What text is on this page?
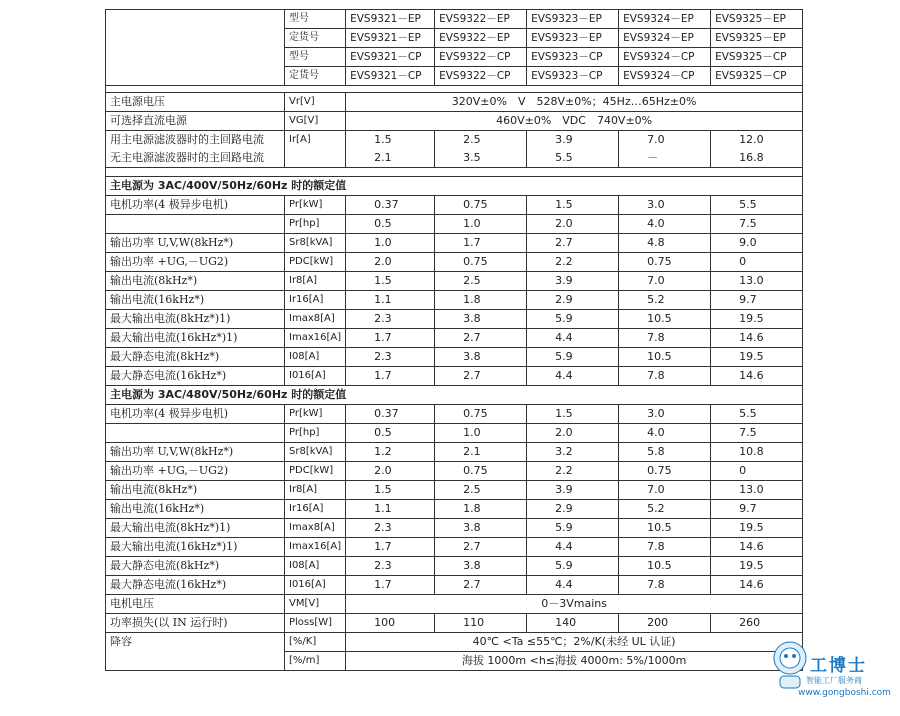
	型号	EVS9321－EP	EVS9322－EP	EVS9323－EP	EVS9324－EP	EVS9325－EP
	定货号	EVS9321－EP	EVS9322－EP	EVS9323－EP	EVS9324－EP	EVS9325－EP
	型号	EVS9321－CP	EVS9322－CP	EVS9323－CP	EVS9324－CP	EVS9325－CP
	定货号	EVS9321－CP	EVS9322－CP	EVS9323－CP	EVS9324－CP	EVS9325－CP

主电源电压	Vr[V]	320V±0%　V　528V±0%；45Hz…65Hz±0%				
可选择直流电源	VG[V]	460V±0%　VDC　740V±0%				
用主电源滤波器时的主回路电流	Ir[A]	1.5	2.5	3.9	7.0	12.0
无主电源滤波器时的主回路电流		2.1	3.5	5.5	－	16.8

主电源为 3AC/400V/50Hz/60Hz 时的额定值						
电机功率(4 极异步电机)	Pr[kW]	0.37	0.75	1.5	3.0	5.5
	Pr[hp]	0.5	1.0	2.0	4.0	7.5
输出功率 U,V,W(8kHz*)	Sr8[kVA]	1.0	1.7	2.7	4.8	9.0
输出功率 +UG,－UG2)	PDC[kW]	2.0	0.75	2.2	0.75	0
输出电流(8kHz*)	Ir8[A]	1.5	2.5	3.9	7.0	13.0
输出电流(16kHz*)	Ir16[A]	1.1	1.8	2.9	5.2	9.7
最大输出电流(8kHz*)1)	Imax8[A]	2.3	3.8	5.9	10.5	19.5
最大输出电流(16kHz*)1)	Imax16[A]	1.7	2.7	4.4	7.8	14.6
最大静态电流(8kHz*)	I08[A]	2.3	3.8	5.9	10.5	19.5
最大静态电流(16kHz*)	I016[A]	1.7	2.7	4.4	7.8	14.6
主电源为 3AC/480V/50Hz/60Hz 时的额定值						
电机功率(4 极异步电机)	Pr[kW]	0.37	0.75	1.5	3.0	5.5
	Pr[hp]	0.5	1.0	2.0	4.0	7.5
输出功率 U,V,W(8kHz*)	Sr8[kVA]	1.2	2.1	3.2	5.8	10.8
输出功率 +UG,－UG2)	PDC[kW]	2.0	0.75	2.2	0.75	0
输出电流(8kHz*)	Ir8[A]	1.5	2.5	3.9	7.0	13.0
输出电流(16kHz*)	Ir16[A]	1.1	1.8	2.9	5.2	9.7
最大输出电流(8kHz*)1)	Imax8[A]	2.3	3.8	5.9	10.5	19.5
最大输出电流(16kHz*)1)	Imax16[A]	1.7	2.7	4.4	7.8	14.6
最大静态电流(8kHz*)	I08[A]	2.3	3.8	5.9	10.5	19.5
最大静态电流(16kHz*)	I016[A]	1.7	2.7	4.4	7.8	14.6
电机电压	VM[V]	0－3Vmains				
功率损失(以 IN 运行时)	Ploss[W]	100	110	140	200	260
降容	[%/K]	40℃ <Ta ≤55℃；2%/K(未经 UL 认证)				
	[%/m]	海拔 1000m <h≤海拔 4000m: 5%/1000m					工博士
智能工厂服务商
www.gongboshi.com
